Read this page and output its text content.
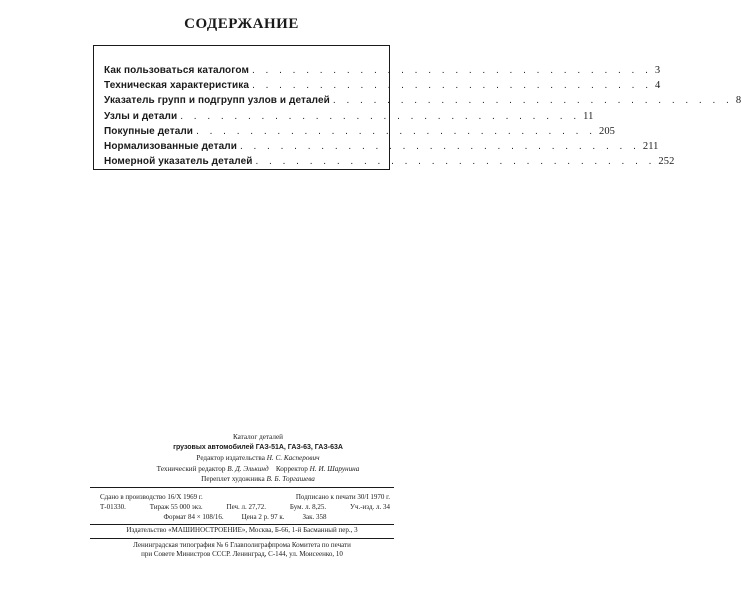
СОДЕРЖАНИЕ
Как пользоваться каталогом . . . . . . . . . . . . . . . . . . . . . . . . . . . . . . 3
Техническая характеристика . . . . . . . . . . . . . . . . . . . . . . . . . . . . . . 4
Указатель групп и подгрупп узлов и деталей . . . . . . . . . . . . . . . . . . . . . . . . . . . . . . 8
Узлы и детали . . . . . . . . . . . . . . . . . . . . . . . . . . . . . . 11
Покупные детали . . . . . . . . . . . . . . . . . . . . . . . . . . . . . . 205
Нормализованные детали . . . . . . . . . . . . . . . . . . . . . . . . . . . . . . 211
Номерной указатель деталей . . . . . . . . . . . . . . . . . . . . . . . . . . . . . . 252
Каталог деталей
грузовых автомобилей ГАЗ-51А, ГАЗ-63, ГАЗ-63А
Редактор издательства Н. С. Касперович
Технический редактор В. Д. Элькинд Корректор Н. И. Шарунина
Переплет художника В. Б. Торгашева
Сдано в производство 16/X 1969 г.	Подписано к печати 30/I 1970 г.
Т-01330.	Тираж 55 000 экз.	Печ. л. 27,72.	Бум. л. 8,25.	Уч.-изд. л. 34
Формат 84 × 108/16.	Цена 2 р. 97 к.	Зак. 358
Издательство «МАШИНОСТРОЕНИЕ», Москва, Б-66, 1-й Басманный пер., 3
Ленинградская типография № 6 Главполиграфпрома Комитета по печати
при Совете Министров СССР. Ленинград, С-144, ул. Моисеенко, 10
